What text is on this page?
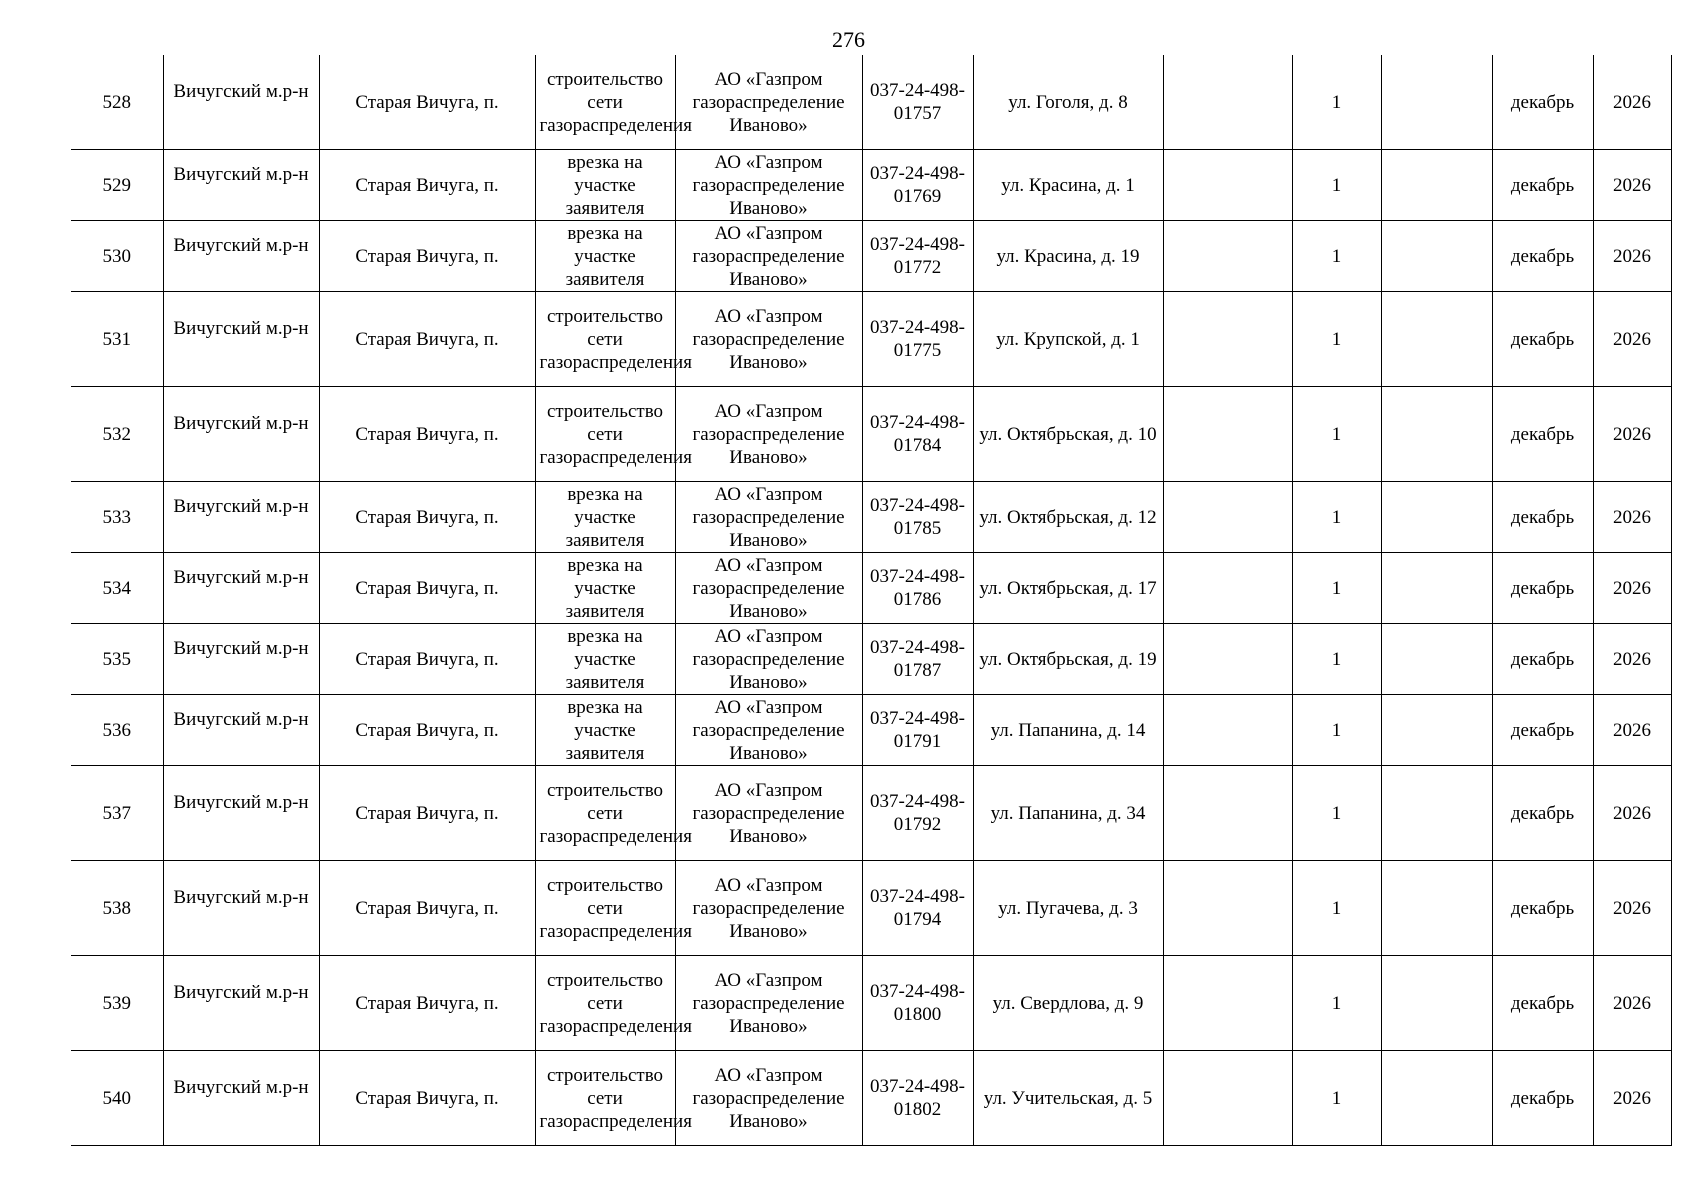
276
528	Вичугский м.р-н	Старая Вичуга, п.	строительство сети газораспределения	АО «Газпром газораспределение Иваново»	037-24-498-01757	ул. Гоголя, д. 8		1		декабрь	2026
529	Вичугский м.р-н	Старая Вичуга, п.	врезка на участке заявителя	АО «Газпром газораспределение Иваново»	037-24-498-01769	ул. Красина, д. 1		1		декабрь	2026
530	Вичугский м.р-н	Старая Вичуга, п.	врезка на участке заявителя	АО «Газпром газораспределение Иваново»	037-24-498-01772	ул. Красина, д. 19		1		декабрь	2026
531	Вичугский м.р-н	Старая Вичуга, п.	строительство сети газораспределения	АО «Газпром газораспределение Иваново»	037-24-498-01775	ул. Крупской, д. 1		1		декабрь	2026
532	Вичугский м.р-н	Старая Вичуга, п.	строительство сети газораспределения	АО «Газпром газораспределение Иваново»	037-24-498-01784	ул. Октябрьская, д. 10		1		декабрь	2026
533	Вичугский м.р-н	Старая Вичуга, п.	врезка на участке заявителя	АО «Газпром газораспределение Иваново»	037-24-498-01785	ул. Октябрьская, д. 12		1		декабрь	2026
534	Вичугский м.р-н	Старая Вичуга, п.	врезка на участке заявителя	АО «Газпром газораспределение Иваново»	037-24-498-01786	ул. Октябрьская, д. 17		1		декабрь	2026
535	Вичугский м.р-н	Старая Вичуга, п.	врезка на участке заявителя	АО «Газпром газораспределение Иваново»	037-24-498-01787	ул. Октябрьская, д. 19		1		декабрь	2026
536	Вичугский м.р-н	Старая Вичуга, п.	врезка на участке заявителя	АО «Газпром газораспределение Иваново»	037-24-498-01791	ул. Папанина, д. 14		1		декабрь	2026
537	Вичугский м.р-н	Старая Вичуга, п.	строительство сети газораспределения	АО «Газпром газораспределение Иваново»	037-24-498-01792	ул. Папанина, д. 34		1		декабрь	2026
538	Вичугский м.р-н	Старая Вичуга, п.	строительство сети газораспределения	АО «Газпром газораспределение Иваново»	037-24-498-01794	ул. Пугачева, д. 3		1		декабрь	2026
539	Вичугский м.р-н	Старая Вичуга, п.	строительство сети газораспределения	АО «Газпром газораспределение Иваново»	037-24-498-01800	ул. Свердлова, д. 9		1		декабрь	2026
540	Вичугский м.р-н	Старая Вичуга, п.	строительство сети газораспределения	АО «Газпром газораспределение Иваново»	037-24-498-01802	ул. Учительская, д. 5		1		декабрь	2026
